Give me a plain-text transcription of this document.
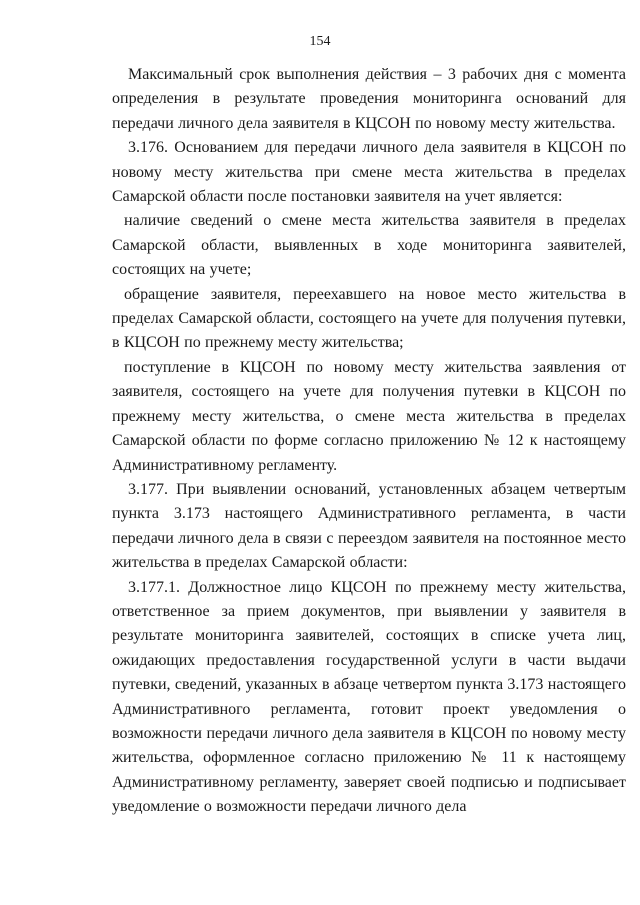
154

Максимальный срок выполнения действия – 3 рабочих дня с момента определения в результате проведения мониторинга оснований для передачи личного дела заявителя в КЦСОН по новому месту жительства.

3.176. Основанием для передачи личного дела заявителя в КЦСОН по новому месту жительства при смене места жительства в пределах Самарской области после постановки заявителя на учет является:

наличие сведений о смене места жительства заявителя в пределах Самарской области, выявленных в ходе мониторинга заявителей, состоящих на учете;

обращение заявителя, переехавшего на новое место жительства в пределах Самарской области, состоящего на учете для получения путевки, в КЦСОН по прежнему месту жительства;

поступление в КЦСОН по новому месту жительства заявления от заявителя, состоящего на учете для получения путевки в КЦСОН по прежнему месту жительства, о смене места жительства в пределах Самарской области по форме согласно приложению № 12 к настоящему Административному регламенту.

3.177. При выявлении оснований, установленных абзацем четвертым пункта 3.173 настоящего Административного регламента, в части передачи личного дела в связи с переездом заявителя на постоянное место жительства в пределах Самарской области:

3.177.1. Должностное лицо КЦСОН по прежнему месту жительства, ответственное за прием документов, при выявлении у заявителя в результате мониторинга заявителей, состоящих в списке учета лиц, ожидающих предоставления государственной услуги в части выдачи путевки, сведений, указанных в абзаце четвертом пункта 3.173 настоящего Административного регламента, готовит проект уведомления о возможности передачи личного дела заявителя в КЦСОН по новому месту жительства, оформленное согласно приложению № 11 к настоящему Административному регламенту, заверяет своей подписью и подписывает уведомление о возможности передачи личного дела
